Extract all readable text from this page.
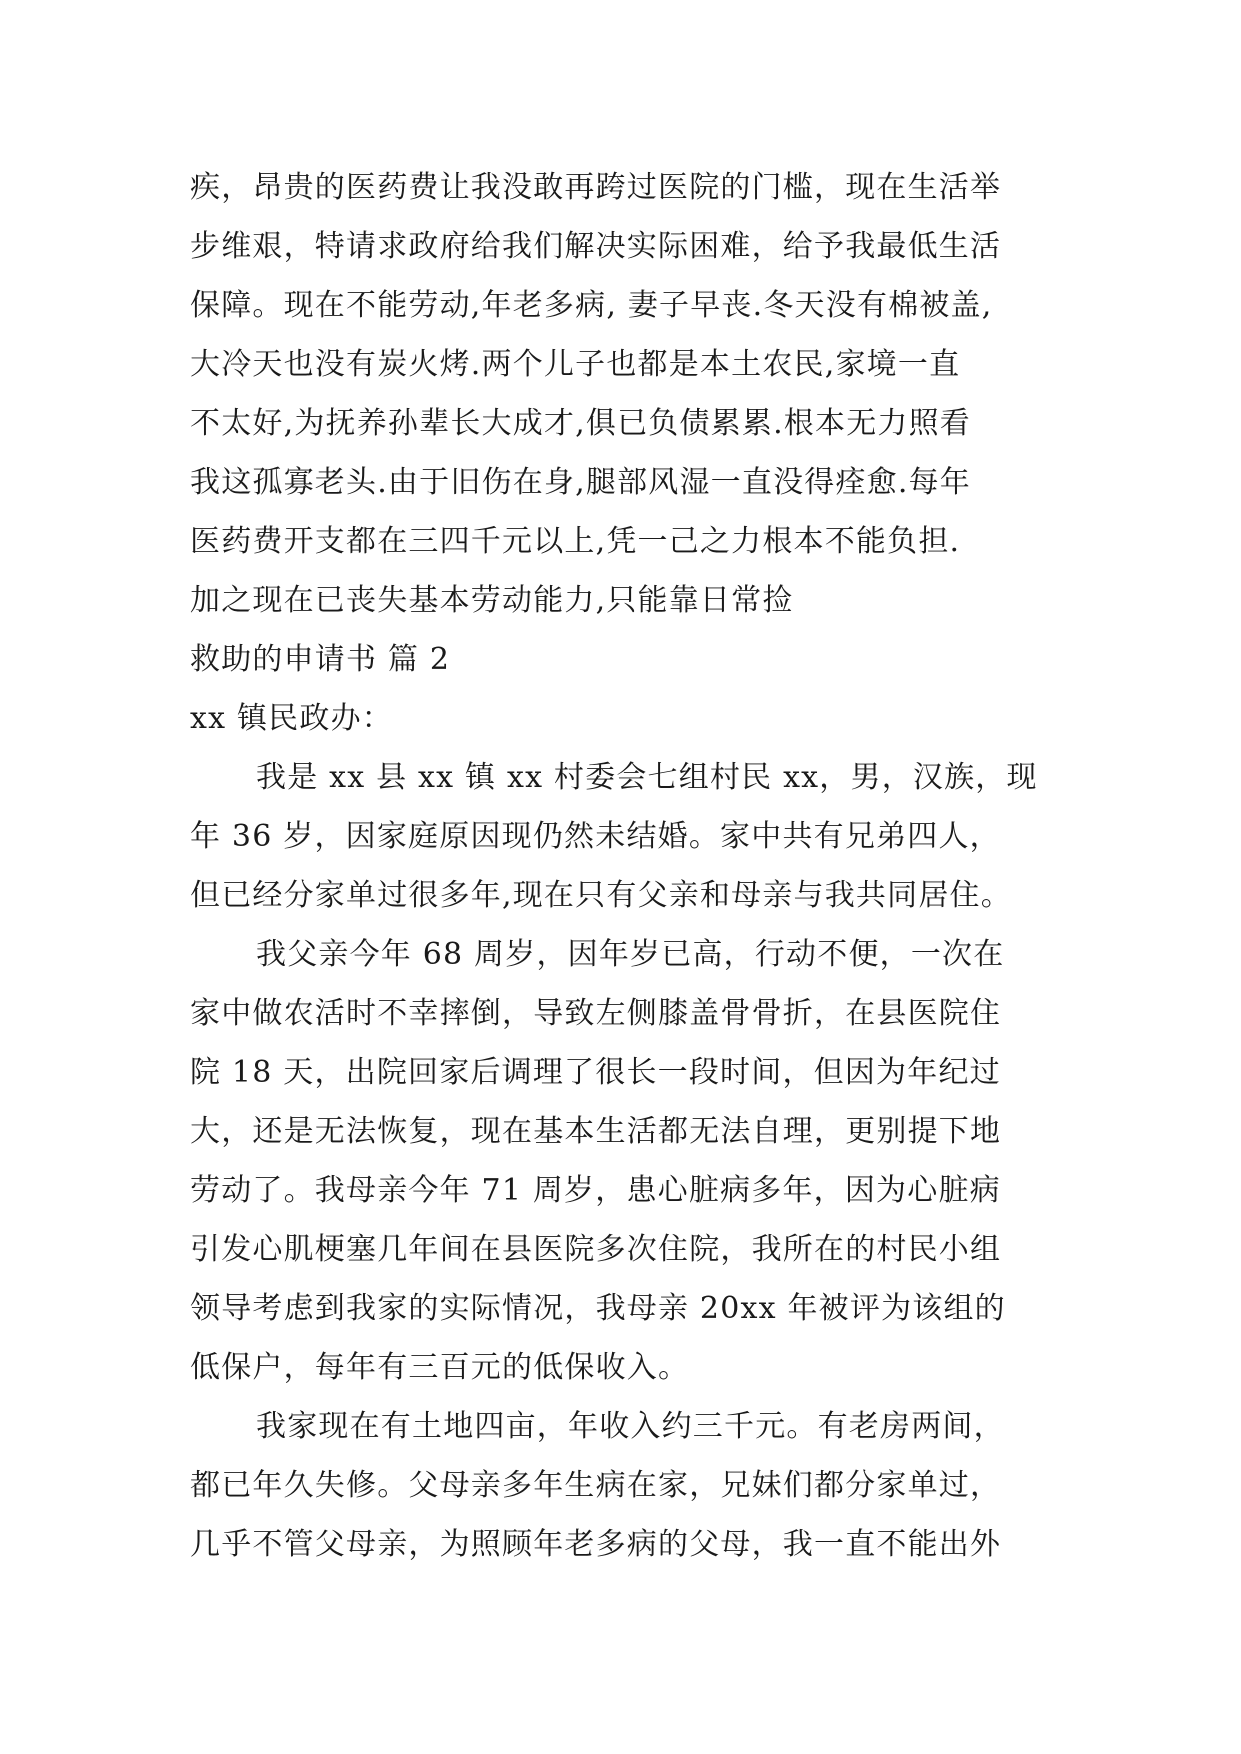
疾，昂贵的医药费让我没敢再跨过医院的门槛，现在生活举
步维艰，特请求政府给我们解决实际困难，给予我最低生活
保障。现在不能劳动,年老多病, 妻子早丧.冬天没有棉被盖,
大冷天也没有炭火烤.两个儿子也都是本土农民,家境一直
不太好,为抚养孙辈长大成才,俱已负债累累.根本无力照看
我这孤寡老头.由于旧伤在身,腿部风湿一直没得痊愈.每年
医药费开支都在三四千元以上,凭一己之力根本不能负担.
加之现在已丧失基本劳动能力,只能靠日常捡
救助的申请书 篇 2
xx 镇民政办：
我是 xx 县 xx 镇 xx 村委会七组村民 xx，男，汉族，现
年 36 岁，因家庭原因现仍然未结婚。家中共有兄弟四人，
但已经分家单过很多年,现在只有父亲和母亲与我共同居住。
我父亲今年 68 周岁，因年岁已高，行动不便，一次在
家中做农活时不幸摔倒，导致左侧膝盖骨骨折，在县医院住
院 18 天，出院回家后调理了很长一段时间，但因为年纪过
大，还是无法恢复，现在基本生活都无法自理，更别提下地
劳动了。我母亲今年 71 周岁，患心脏病多年，因为心脏病
引发心肌梗塞几年间在县医院多次住院，我所在的村民小组
领导考虑到我家的实际情况，我母亲 20xx 年被评为该组的
低保户，每年有三百元的低保收入。
我家现在有土地四亩，年收入约三千元。有老房两间，
都已年久失修。父母亲多年生病在家，兄妹们都分家单过，
几乎不管父母亲，为照顾年老多病的父母，我一直不能出外
